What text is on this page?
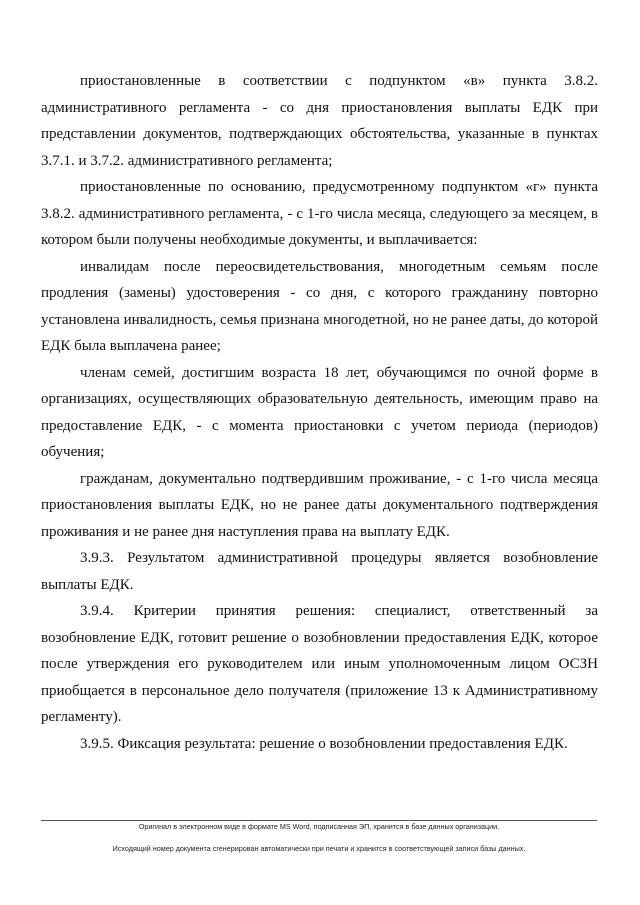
приостановленные в соответствии с подпунктом «в» пункта 3.8.2. административного регламента - со дня приостановления выплаты ЕДК при представлении документов, подтверждающих обстоятельства, указанные в пунктах 3.7.1. и 3.7.2. административного регламента;

приостановленные по основанию, предусмотренному подпунктом «г» пункта 3.8.2. административного регламента, - с 1-го числа месяца, следующего за месяцем, в котором были получены необходимые документы, и выплачивается:

инвалидам после переосвидетельствования, многодетным семьям после продления (замены) удостоверения - со дня, с которого гражданину повторно установлена инвалидность, семья признана многодетной, но не ранее даты, до которой ЕДК была выплачена ранее;

членам семей, достигшим возраста 18 лет, обучающимся по очной форме в организациях, осуществляющих образовательную деятельность, имеющим право на предоставление ЕДК, - с момента приостановки с учетом периода (периодов) обучения;

гражданам, документально подтвердившим проживание, - с 1-го числа месяца приостановления выплаты ЕДК, но не ранее даты документального подтверждения проживания и не ранее дня наступления права на выплату ЕДК.

3.9.3. Результатом административной процедуры является возобновление выплаты ЕДК.

3.9.4. Критерии принятия решения: специалист, ответственный за возобновление ЕДК, готовит решение о возобновлении предоставления ЕДК, которое после утверждения его руководителем или иным уполномоченным лицом ОСЗН приобщается в персональное дело получателя (приложение 13 к Административному регламенту).

3.9.5. Фиксация результата: решение о возобновлении предоставления ЕДК.

Оригинал в электронном виде в формате MS Word, подписанная ЭП, хранится в базе данных организации.
Исходящий номер документа сгенерирован автоматически при печати и хранится в соответствующей записи базы данных.
